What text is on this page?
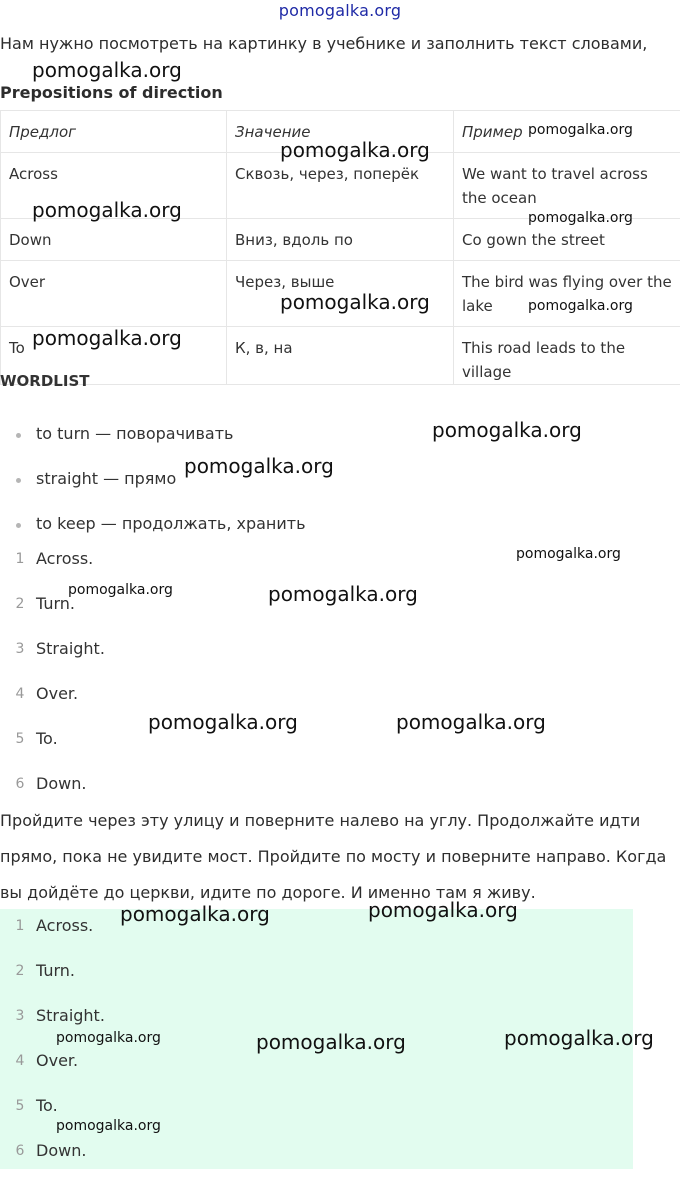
pomogalka.org
Нам нужно посмотреть на картинку в учебнике и заполнить текст словами,
Prepositions of direction
Предлог	Значение	Пример
Across	Сквозь, через, поперёк	We want to travel across the ocean
Down	Вниз, вдоль по	Co gown the street
Over	Через, выше	The bird was flying over the lake
To	К, в, на	This road leads to the village
WORDLIST
to turn — поворачивать
straight — прямо
to keep — продолжать, хранить
1 Across.
2 Turn.
3 Straight.
4 Over.
5 To.
6 Down.
Пройдите через эту улицу и поверните налево на углу. Продолжайте идти прямо, пока не увидите мост. Пройдите по мосту и поверните направо. Когда вы дойдёте до церкви, идите по дороге. И именно там я живу.
1 Across.
2 Turn.
3 Straight.
4 Over.
5 To.
6 Down.
pomogalka.org
pomogalka.org
pomogalka.org
pomogalka.org	pomogalka.org
pomogalka.org	pomogalka.org
pomogalka.org
pomogalka.org
pomogalka.org
pomogalka.org
pomogalka.org	pomogalka.org
pomogalka.org	pomogalka.org
pomogalka.org	pomogalka.org
pomogalka.org	pomogalka.org	pomogalka.org
pomogalka.org
